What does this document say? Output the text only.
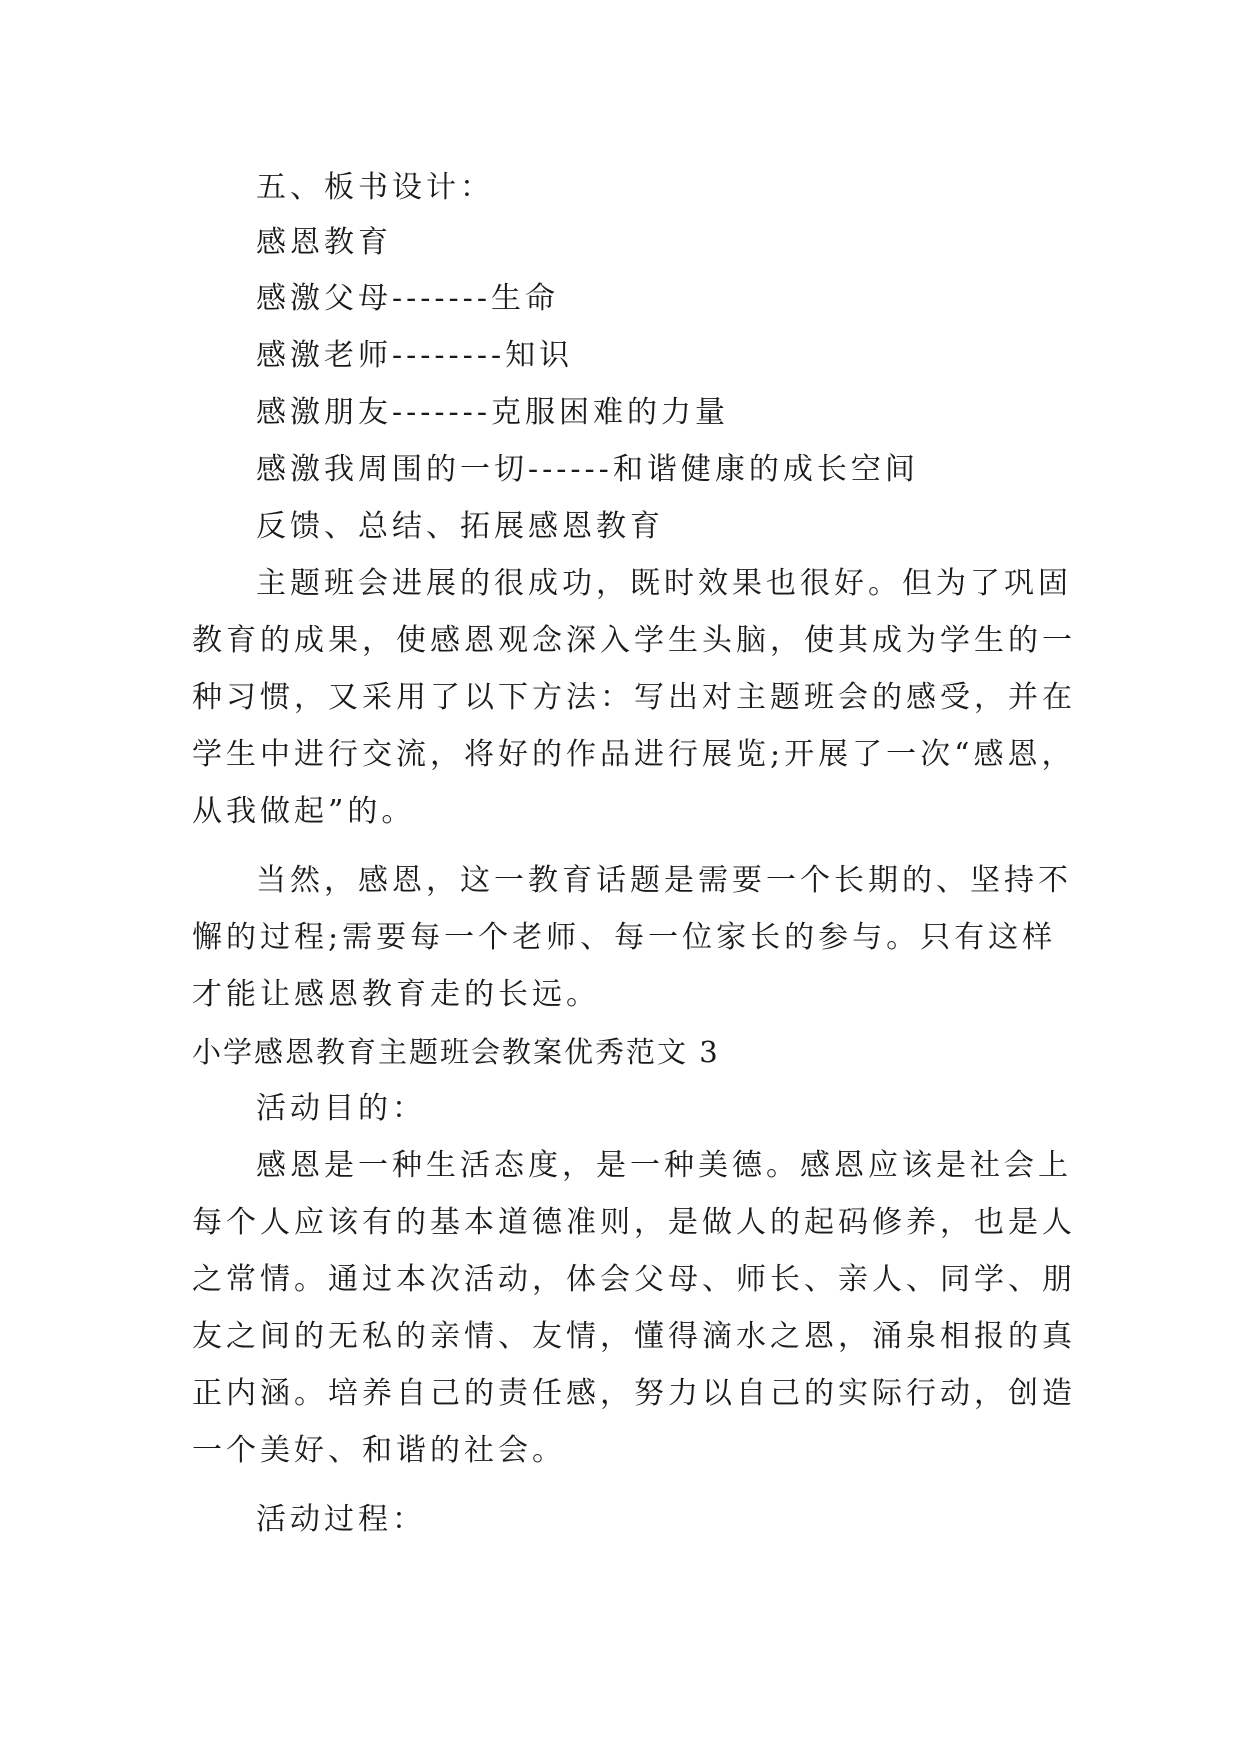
五、板书设计：
感恩教育
感激父母-------生命
感激老师--------知识
感激朋友-------克服困难的力量
感激我周围的一切------和谐健康的成长空间
反馈、总结、拓展感恩教育
主题班会进展的很成功，既时效果也很好。但为了巩固
教育的成果，使感恩观念深入学生头脑，使其成为学生的一
种习惯，又采用了以下方法：写出对主题班会的感受，并在
学生中进行交流，将好的作品进行展览;开展了一次“感恩，
从我做起”的。
当然，感恩，这一教育话题是需要一个长期的、坚持不
懈的过程;需要每一个老师、每一位家长的参与。只有这样
才能让感恩教育走的长远。
小学感恩教育主题班会教案优秀范文 3
活动目的：
感恩是一种生活态度，是一种美德。感恩应该是社会上
每个人应该有的基本道德准则，是做人的起码修养，也是人
之常情。通过本次活动，体会父母、师长、亲人、同学、朋
友之间的无私的亲情、友情，懂得滴水之恩，涌泉相报的真
正内涵。培养自己的责任感，努力以自己的实际行动，创造
一个美好、和谐的社会。
活动过程：
